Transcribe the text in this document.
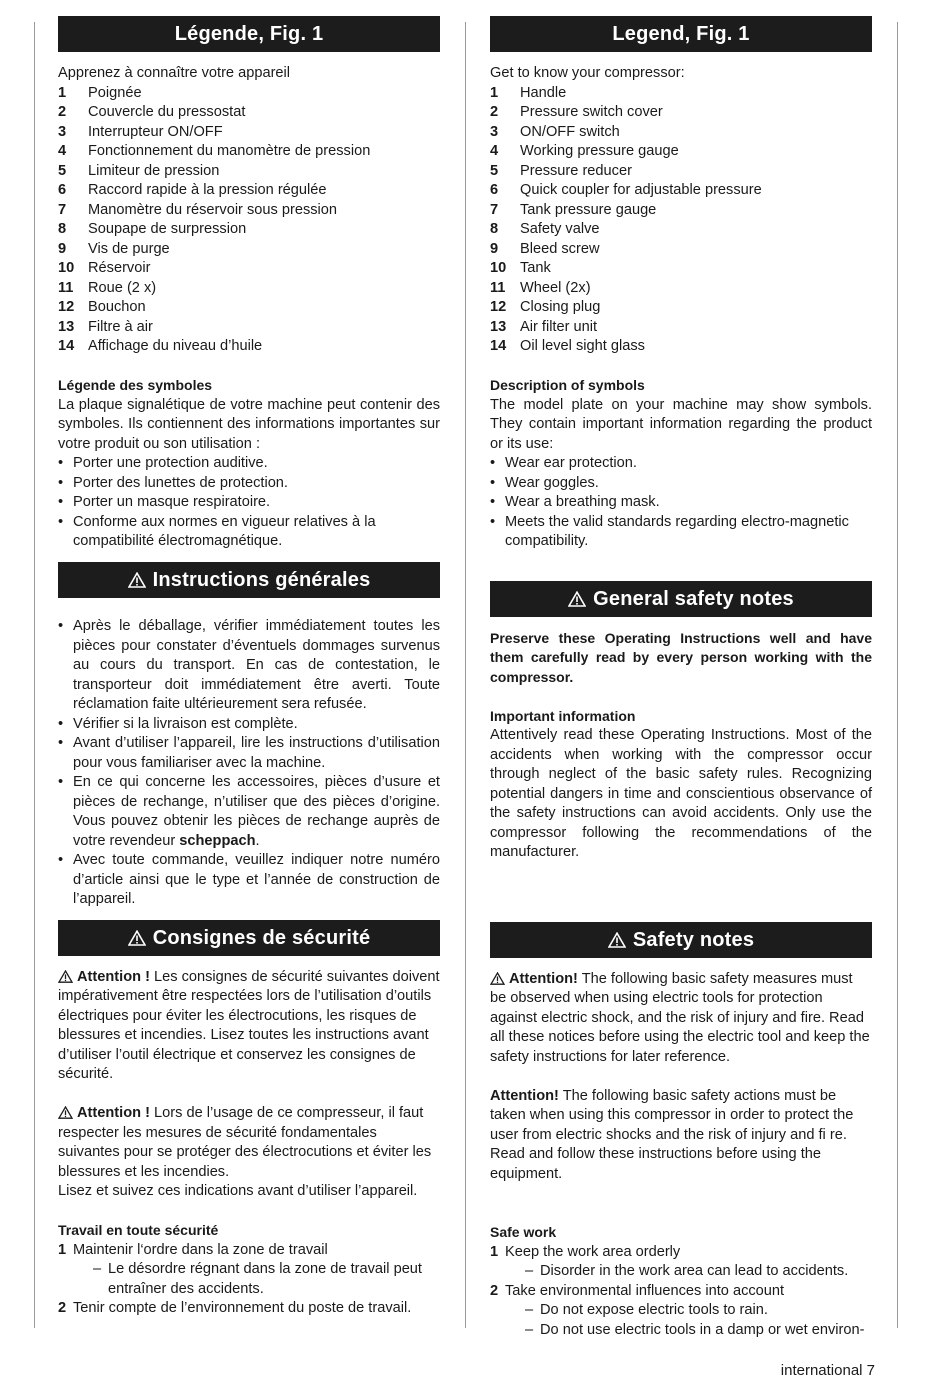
Légende, Fig. 1

Apprenez à connaître votre appareil

1	Poignée
2	Couvercle du pressostat
3	Interrupteur ON/OFF
4	Fonctionnement du manomètre de pression
5	Limiteur de pression
6	Raccord rapide à la pression régulée
7	Manomètre du réservoir sous pression
8	Soupape de surpression
9	Vis de purge
10 Réservoir
11 Roue (2 x)
12 Bouchon
13 Filtre à air
14 Affichage du niveau d’huile

Légende des symboles

La plaque signalétique de votre machine peut contenir des symboles. Ils contiennent des informations importantes sur votre produit ou son utilisation :

• Porter une protection auditive.
• Porter des lunettes de protection.
• Porter un masque respiratoire.
• Conforme aux normes en vigueur relatives à la compatibilité électromagnétique.
Instructions générales
• Après le déballage, vérifier immédiatement toutes les pièces pour constater d’éventuels dommages survenus au cours du transport. En cas de contestation, le transporteur doit immédiatement être averti. Toute réclamation faite ultérieurement sera refusée.
• Vérifier si la livraison est complète.
• Avant d’utiliser l’appareil, lire les instructions d’utilisation pour vous familiariser avec la machine.
• En ce qui concerne les accessoires, pièces d’usure et pièces de rechange, n’utiliser que des pièces d’origine. Vous pouvez obtenir les pièces de rechange auprès de votre revendeur scheppach.
• Avec toute commande, veuillez indiquer notre numéro d’article ainsi que le type et l’année de construction de l’appareil.
Consignes de sécurité

Attention ! Les consignes de sécurité suivantes doivent impérativement être respectées lors de l’utilisation d’outils électriques pour éviter les électrocutions, les risques de blessures et incendies. Lisez toutes les instructions avant d’utiliser l’outil électrique et conservez les consignes de sécurité.

Attention ! Lors de l’usage de ce compresseur, il faut respecter les mesures de sécurité fondamentales suivantes pour se protéger des électrocutions et éviter les blessures et les incendies.

Lisez et suivez ces indications avant d’utiliser l’appareil.

Travail en toute sécurité

1 Maintenir l‘ordre dans la zone de travail
– Le désordre régnant dans la zone de travail peut entraîner des accidents.
2 Tenir compte de l’environnement du poste de travail.
Legend, Fig. 1

Get to know your compressor:

1	Handle
2	Pressure switch cover
3	ON/OFF switch
4	Working pressure gauge
5	Pressure reducer
6	Quick coupler for adjustable pressure
7	Tank pressure gauge
8	Safety valve
9	Bleed screw
10 Tank
11 Wheel (2x)
12 Closing plug
13 Air filter unit
14 Oil level sight glass

Description of symbols

The model plate on your machine may show symbols. They contain important information regarding the product or its use:

• Wear ear protection.
• Wear goggles.
• Wear a breathing mask.
• Meets the valid standards regarding electro-magnetic compatibility.
General safety notes

Preserve these Operating Instructions well and have them carefully read by every person working with the compressor.

Important information

Attentively read these Operating Instructions. Most of the accidents when working with the compressor occur through neglect of the basic safety rules. Recognizing potential dangers in time and conscientious observance of the safety instructions can avoid accidents. Only use the compressor following the recommendations of the manufacturer.

Safety notes

Attention! The following basic safety measures must be observed when using electric tools for protection against electric shock, and the risk of injury and fire. Read all these notices before using the electric tool and keep the safety instructions for later reference.

Attention! The following basic safety actions must be taken when using this compressor in order to protect the user from electric shocks and the risk of injury and fi re. Read and follow these instructions before using the equipment.

Safe work

1 Keep the work area orderly
– Disorder in the work area can lead to accidents.
2 Take environmental influences into account
– Do not expose electric tools to rain.
– Do not use electric tools in a damp or wet environ-
international 7
